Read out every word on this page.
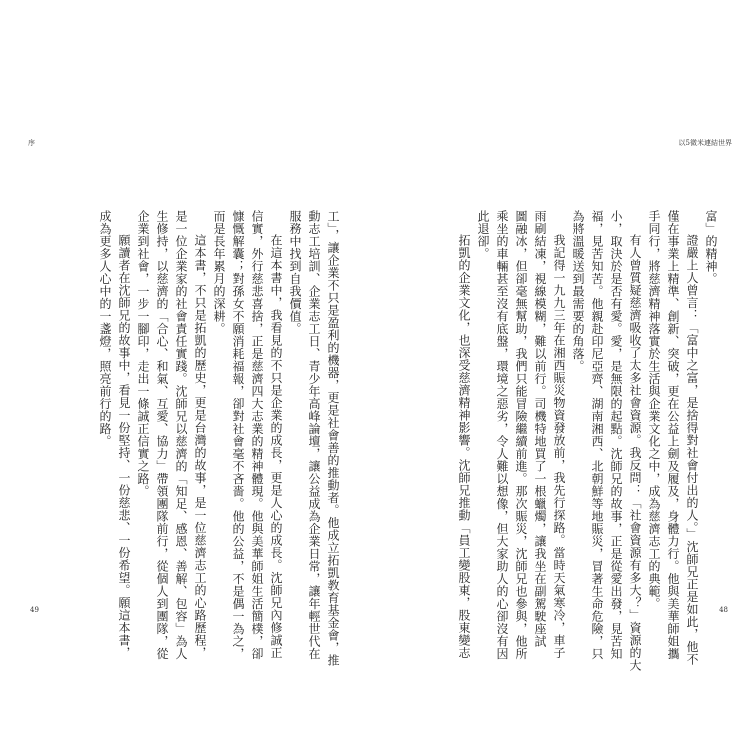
序	以5微米連結世界
富」的精神。
證嚴上人曾言：「富中之富，是捨得對社會付出的人。」沈師兄正是如此，他不
僅在事業上精準、創新、突破，更在公益上劍及履及，身體力行。他與美華師姐攜
手同行，將慈濟精神落實於生活與企業文化之中，成為慈濟志工的典範。
有人曾質疑慈濟吸收了太多社會資源。我反問：「社會資源有多大？」資源的大
小，取決於是否有愛。愛，是無限的起點。沈師兄的故事，正是從愛出發，見苦知
福，見苦知苦。他親赴印尼亞齊、湖南湘西、北朝鮮等地賑災，冒著生命危險，只
為將溫暖送到最需要的角落。
我記得一九九三年在湘西賑災物資發放前，我先行探路。當時天氣寒冷，車子
雨刷結凍，視線模糊，難以前行。司機特地買了一根蠟燭，讓我坐在副駕駛座試
圖融冰，但卻毫無幫助，我們只能冒險繼續前進。那次賑災，沈師兄也參與，他所
乘坐的車輛甚至沒有底盤，環境之惡劣，令人難以想像，但大家助人的心卻沒有因
此退卻。
拓凱的企業文化，也深受慈濟精神影響。沈師兄推動「員工變股東，股東變志
工」，讓企業不只是盈利的機器，更是社會善的推動者。他成立拓凱教育基金會，推
動志工培訓、企業志工日、青少年高峰論壇，讓公益成為企業日常，讓年輕世代在
服務中找到自我價值。
在這本書中，我看見的不只是企業的成長，更是人心的成長。沈師兄內修誠正
信實，外行慈悲喜捨，正是慈濟四大志業的精神體現。他與美華師姐生活簡樸，卻
慷慨解囊；對孫女不願消耗福報，卻對社會毫不吝嗇。他的公益，不是偶一為之，
而是長年累月的深耕。
這本書，不只是拓凱的歷史，更是台灣的故事，是一位慈濟志工的心路歷程，
是一位企業家的社會責任實踐。沈師兄以慈濟的「知足、感恩、善解、包容」為人
生修持，以慈濟的「合心、和氣、互愛、協力」帶領團隊前行，從個人到團隊，從
企業到社會，一步一腳印，走出一條誠正信實之路。
願讀者在沈師兄的故事中，看見一份堅持、一份慈悲、一份希望。願這本書，
成為更多人心中的一盞燈，照亮前行的路。
49	48
